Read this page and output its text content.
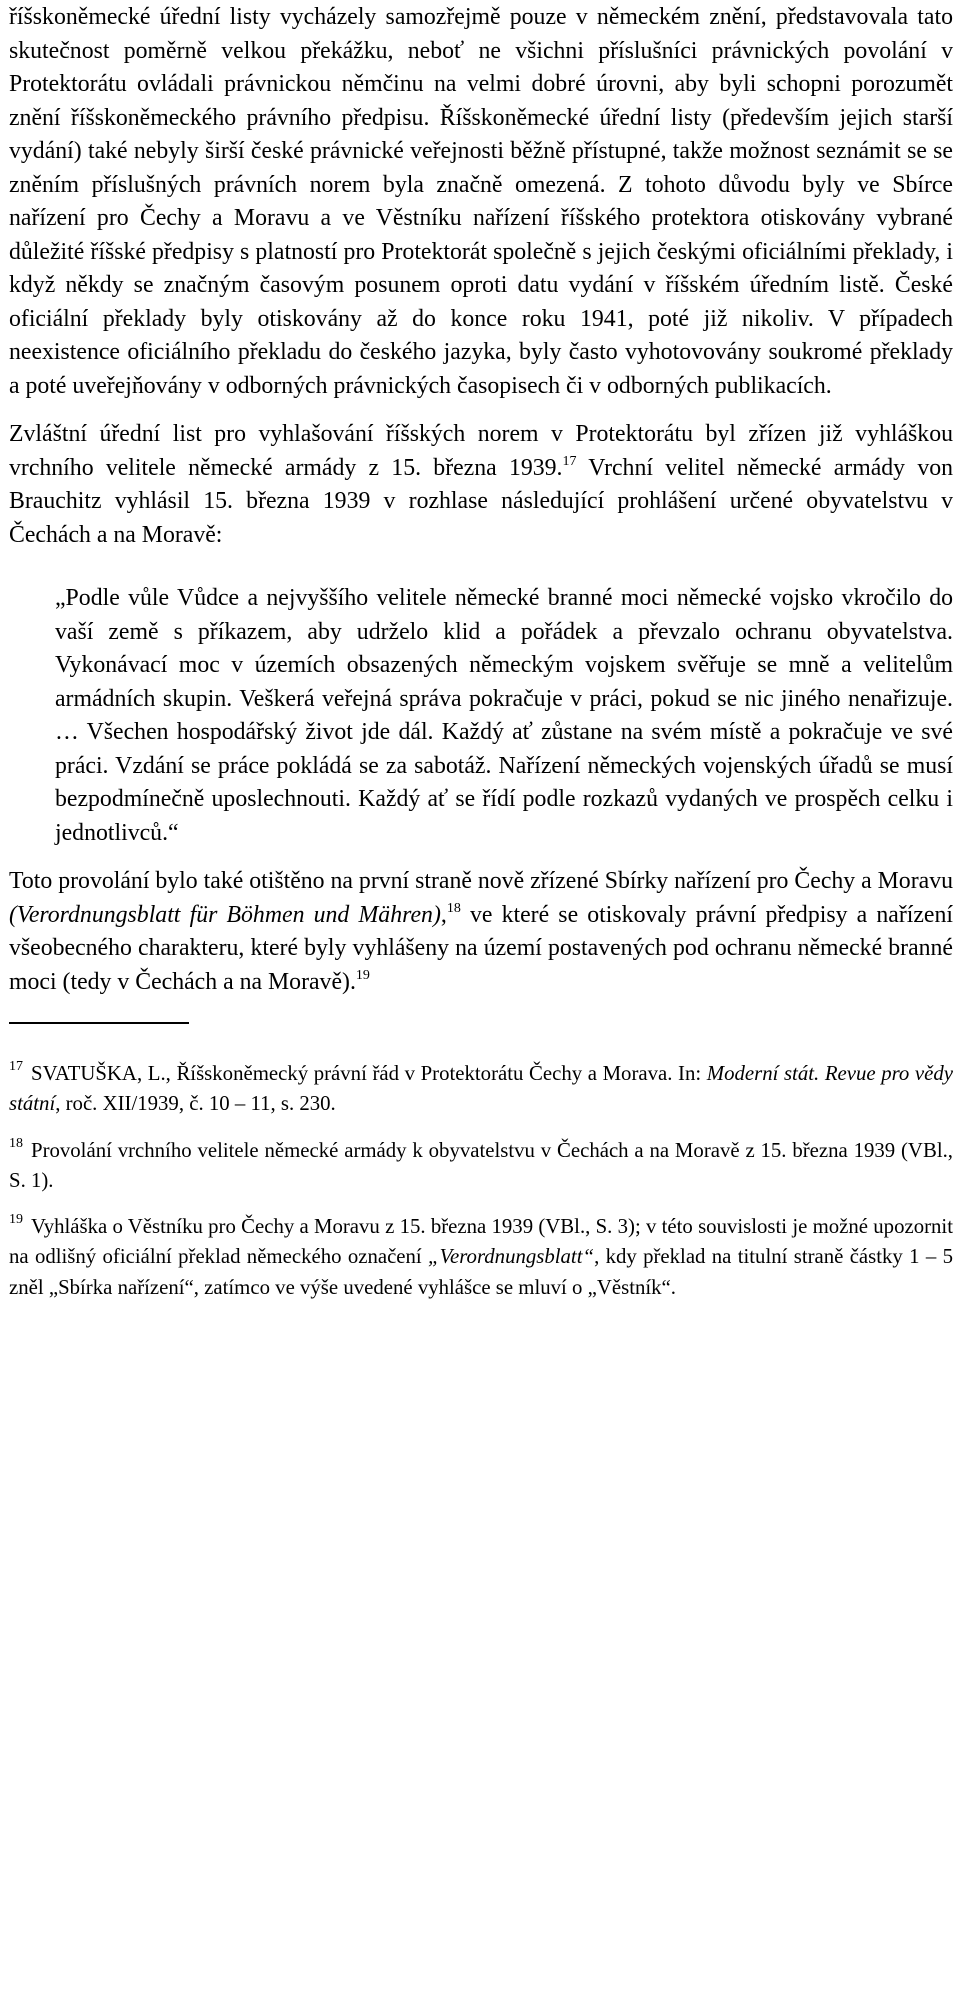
říšskoněmecké úřední listy vycházely samozřejmě pouze v německém znění, představovala tato skutečnost poměrně velkou překážku, neboť ne všichni příslušníci právnických povolání v Protektorátu ovládali právnickou němčinu na velmi dobré úrovni, aby byli schopni porozumět znění říšskoněmeckého právního předpisu. Říšskoněmecké úřední listy (především jejich starší vydání) také nebyly širší české právnické veřejnosti běžně přístupné, takže možnost seznámit se se zněním příslušných právních norem byla značně omezená. Z tohoto důvodu byly ve Sbírce nařízení pro Čechy a Moravu a ve Věstníku nařízení říšského protektora otiskovány vybrané důležité říšské předpisy s platností pro Protektorát společně s jejich českými oficiálními překlady, i když někdy se značným časovým posunem oproti datu vydání v říšském úředním listě. České oficiální překlady byly otiskovány až do konce roku 1941, poté již nikoliv. V případech neexistence oficiálního překladu do českého jazyka, byly často vyhotovovány soukromé překlady a poté uveřejňovány v odborných právnických časopisech či v odborných publikacích.

Zvláštní úřední list pro vyhlašování říšských norem v Protektorátu byl zřízen již vyhláškou vrchního velitele německé armády z 15. března 1939.17 Vrchní velitel německé armády von Brauchitz vyhlásil 15. března 1939 v rozhlase následující prohlášení určené obyvatelstvu v Čechách a na Moravě:

„Podle vůle Vůdce a nejvyššího velitele německé branné moci německé vojsko vkročilo do vaší země s příkazem, aby udrželo klid a pořádek a převzalo ochranu obyvatelstva. Vykonávací moc v územích obsazených německým vojskem svěřuje se mně a velitelům armádních skupin. Veškerá veřejná správa pokračuje v práci, pokud se nic jiného nenařizuje. … Všechen hospodářský život jde dál. Každý ať zůstane na svém místě a pokračuje ve své práci. Vzdání se práce pokládá se za sabotáž. Nařízení německých vojenských úřadů se musí bezpodmínečně uposlechnouti. Každý ať se řídí podle rozkazů vydaných ve prospěch celku i jednotlivců.“

Toto provolání bylo také otištěno na první straně nově zřízené Sbírky nařízení pro Čechy a Moravu (Verordnungsblatt für Böhmen und Mähren),$^{18}$ ve které se otiskovaly právní předpisy a nařízení všeobecného charakteru, které byly vyhlášeny na území postavených pod ochranu německé branné moci (tedy v Čechách a na Moravě).$^{19}$

$^{17}$ SVATUŠKA, L., Říšskoněmecký právní řád v Protektorátu Čechy a Morava. In: Moderní stát. Revue pro vědy státní, roč. XII/1939, č. 10 – 11, s. 230.

$^{18}$ Provolání vrchního velitele německé armády k obyvatelstvu v Čechách a na Moravě z 15. března 1939 (VBl., S. 1).

$^{19}$ Vyhláška o Věstníku pro Čechy a Moravu z 15. března 1939 (VBl., S. 3); v této souvislosti je možné upozornit na odlišný oficiální překlad německého označení „Verordnungsblatt“, kdy překlad na titulní straně částky 1 – 5 zněl „Sbírka nařízení“, zatímco ve výše uvedené vyhlášce se mluví o „Věstník“.
